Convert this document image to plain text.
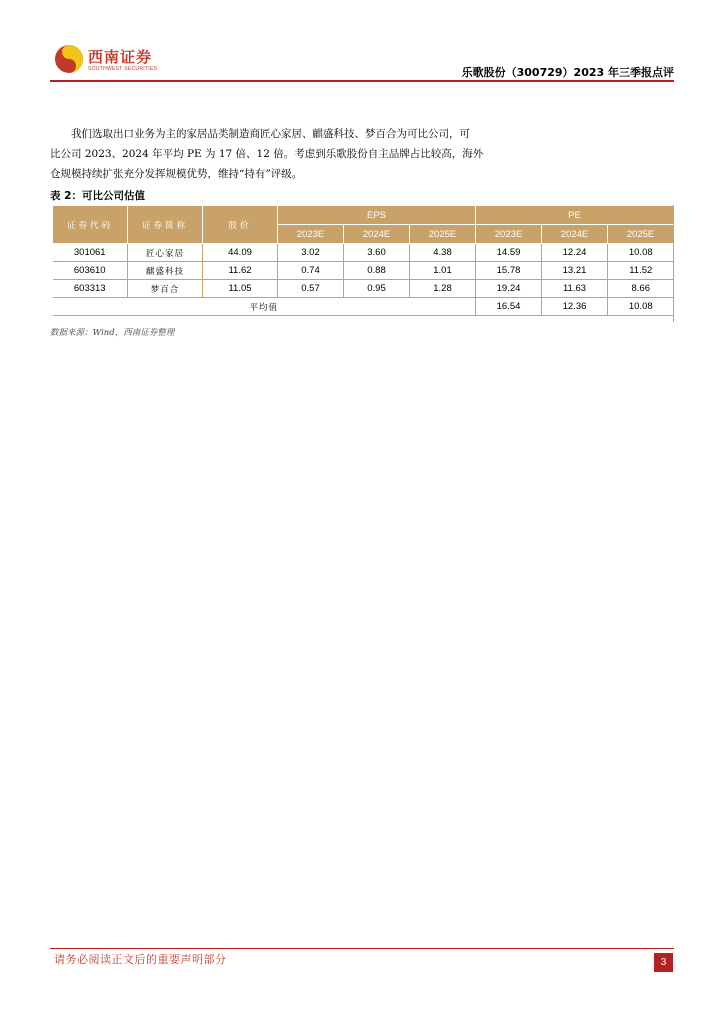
西南证券
SOUTHWEST SECURITIES	乐歌股份（300729）2023 年三季报点评
我们选取出口业务为主的家居品类制造商匠心家居、麒盛科技、梦百合为可比公司，可
比公司 2023、2024 年平均 PE 为 17 倍、12 倍。考虑到乐歌股份自主品牌占比较高，海外
仓规模持续扩张充分发挥规模优势，维持“持有”评级。
表 2：可比公司估值
证券代码	证券简称	股价	EPS			PE		
			2023E	2024E	2025E	2023E	2024E	2025E
301061	匠心家居	44.09	3.02	3.60	4.38	14.59	12.24	10.08
603610	麒盛科技	11.62	0.74	0.88	1.01	15.78	13.21	11.52
603313	梦百合	11.05	0.57	0.95	1.28	19.24	11.63	8.66
平均值						16.54	12.36	10.08
数据来源：Wind，西南证券整理
请务必阅读正文后的重要声明部分	3
